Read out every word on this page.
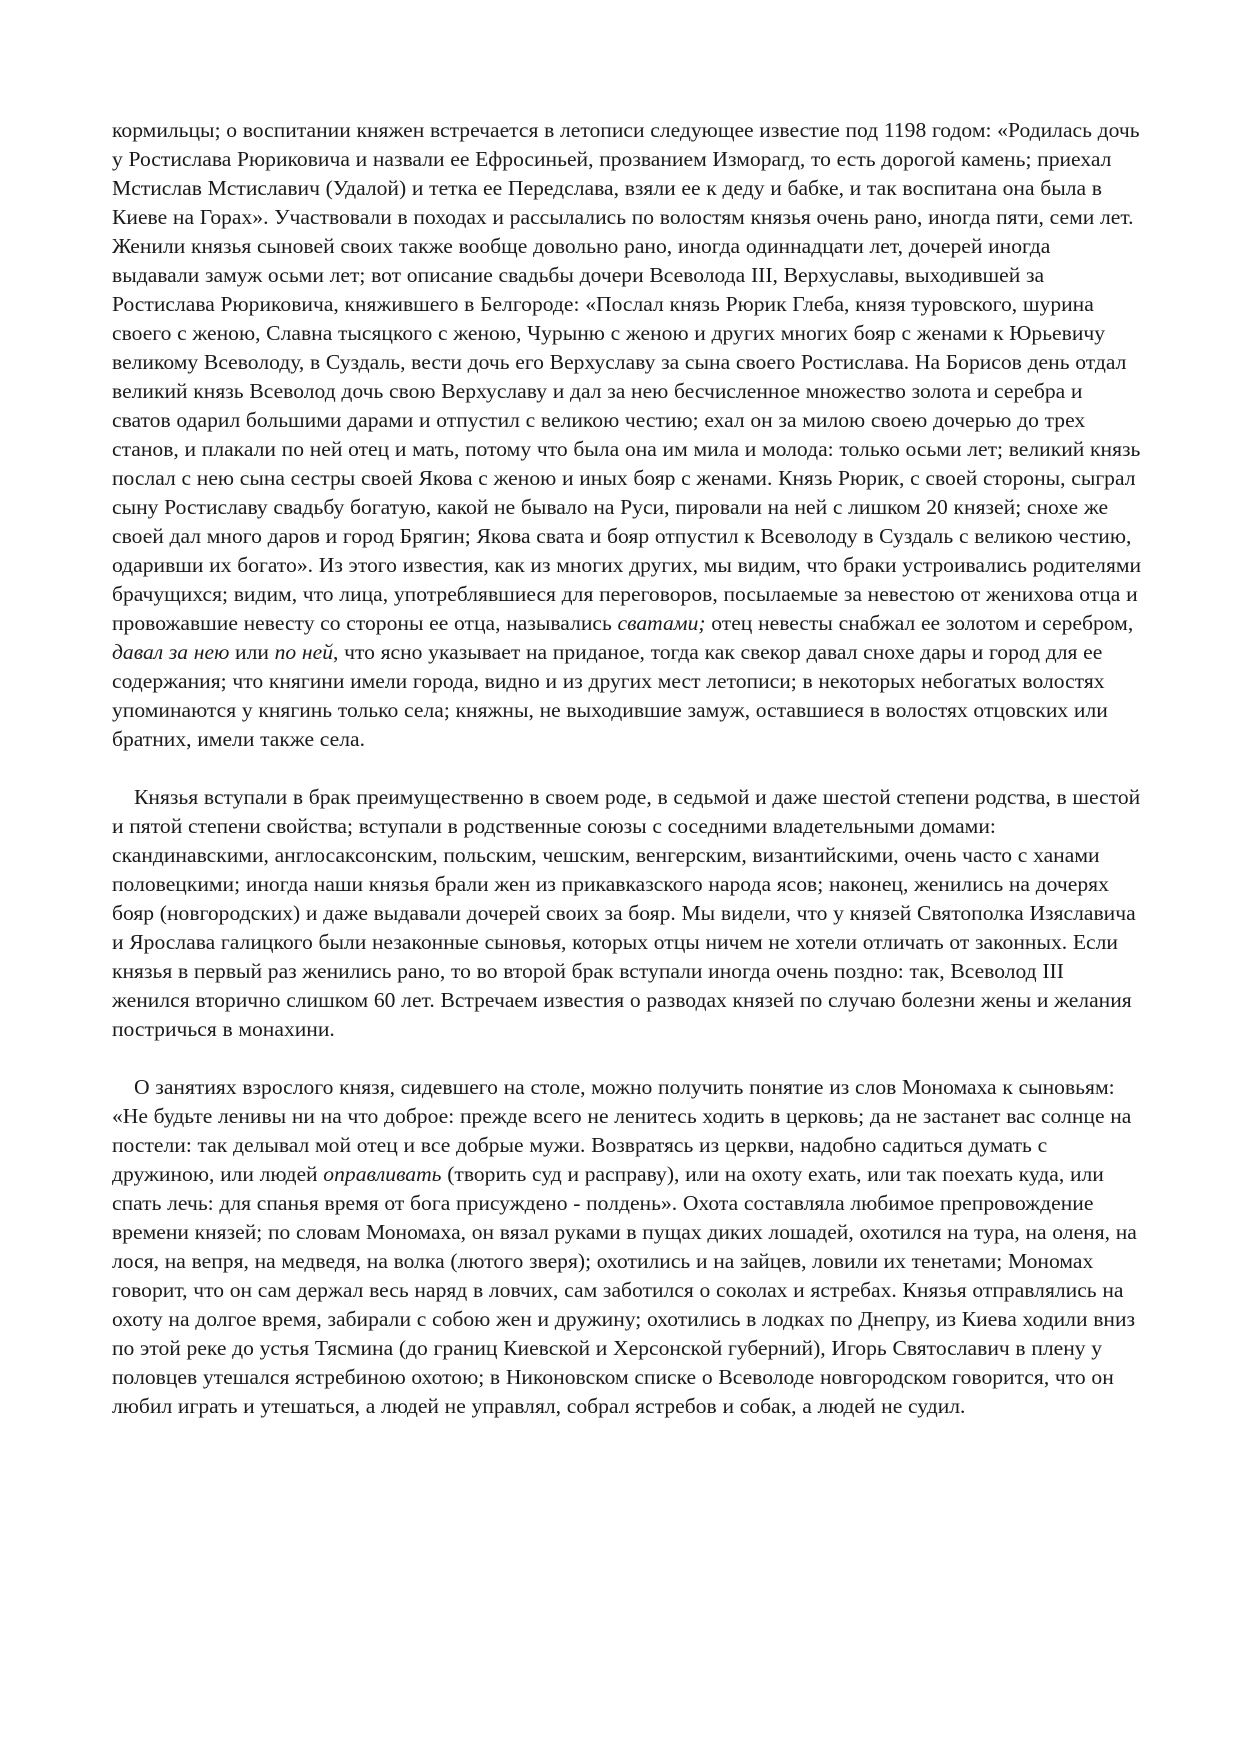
кормильцы; о воспитании княжен встречается в летописи следующее известие под 1198 годом: «Родилась дочь у Ростислава Рюриковича и назвали ее Ефросиньей, прозванием Изморагд, то есть дорогой камень; приехал Мстислав Мстиславич (Удалой) и тетка ее Передслава, взяли ее к деду и бабке, и так воспитана она была в Киеве на Горах». Участвовали в походах и рассылались по волостям князья очень рано, иногда пяти, семи лет. Женили князья сыновей своих также вообще довольно рано, иногда одиннадцати лет, дочерей иногда выдавали замуж осьми лет; вот описание свадьбы дочери Всеволода III, Верхуславы, выходившей за Ростислава Рюриковича, княжившего в Белгороде: «Послал князь Рюрик Глеба, князя туровского, шурина своего с женою, Славна тысяцкого с женою, Чурыню с женою и других многих бояр с женами к Юрьевичу великому Всеволоду, в Суздаль, вести дочь его Верхуславу за сына своего Ростислава. На Борисов день отдал великий князь Всеволод дочь свою Верхуславу и дал за нею бесчисленное множество золота и серебра и сватов одарил большими дарами и отпустил с великою честию; ехал он за милою своею дочерью до трех станов, и плакали по ней отец и мать, потому что была она им мила и молода: только осьми лет; великий князь послал с нею сына сестры своей Якова с женою и иных бояр с женами. Князь Рюрик, с своей стороны, сыграл сыну Ростиславу свадьбу богатую, какой не бывало на Руси, пировали на ней с лишком 20 князей; снохе же своей дал много даров и город Брягин; Якова свата и бояр отпустил к Всеволоду в Суздаль с великою честию, одаривши их богато». Из этого известия, как из многих других, мы видим, что браки устроивались родителями брачущихся; видим, что лица, употреблявшиеся для переговоров, посылаемые за невестою от женихова отца и провожавшие невесту со стороны ее отца, назывались сватами; отец невесты снабжал ее золотом и серебром, давал за нею или по ней, что ясно указывает на приданое, тогда как свекор давал снохе дары и город для ее содержания; что княгини имели города, видно и из других мест летописи; в некоторых небогатых волостях упоминаются у княгинь только села; княжны, не выходившие замуж, оставшиеся в волостях отцовских или братних, имели также села.

Князья вступали в брак преимущественно в своем роде, в седьмой и даже шестой степени родства, в шестой и пятой степени свойства; вступали в родственные союзы с соседними владетельными домами: скандинавскими, англосаксонским, польским, чешским, венгерским, византийскими, очень часто с ханами половецкими; иногда наши князья брали жен из прикавказского народа ясов; наконец, женились на дочерях бояр (новгородских) и даже выдавали дочерей своих за бояр. Мы видели, что у князей Святополка Изяславича и Ярослава галицкого были незаконные сыновья, которых отцы ничем не хотели отличать от законных. Если князья в первый раз женились рано, то во второй брак вступали иногда очень поздно: так, Всеволод III женился вторично слишком 60 лет. Встречаем известия о разводах князей по случаю болезни жены и желания постричься в монахини.

О занятиях взрослого князя, сидевшего на столе, можно получить понятие из слов Мономаха к сыновьям: «Не будьте ленивы ни на что доброе: прежде всего не ленитесь ходить в церковь; да не застанет вас солнце на постели: так делывал мой отец и все добрые мужи. Возвратясь из церкви, надобно садиться думать с дружиною, или людей оправливать (творить суд и расправу), или на охоту ехать, или так поехать куда, или спать лечь: для спанья время от бога присуждено - полдень». Охота составляла любимое препровождение времени князей; по словам Мономаха, он вязал руками в пущах диких лошадей, охотился на тура, на оленя, на лося, на вепря, на медведя, на волка (лютого зверя); охотились и на зайцев, ловили их тенетами; Мономах говорит, что он сам держал весь наряд в ловчих, сам заботился о соколах и ястребах. Князья отправлялись на охоту на долгое время, забирали с собою жен и дружину; охотились в лодках по Днепру, из Киева ходили вниз по этой реке до устья Тясмина (до границ Киевской и Херсонской губерний), Игорь Святославич в плену у половцев утешался ястребиною охотою; в Никоновском списке о Всеволоде новгородском говорится, что он любил играть и утешаться, а людей не управлял, собрал ястребов и собак, а людей не судил.
